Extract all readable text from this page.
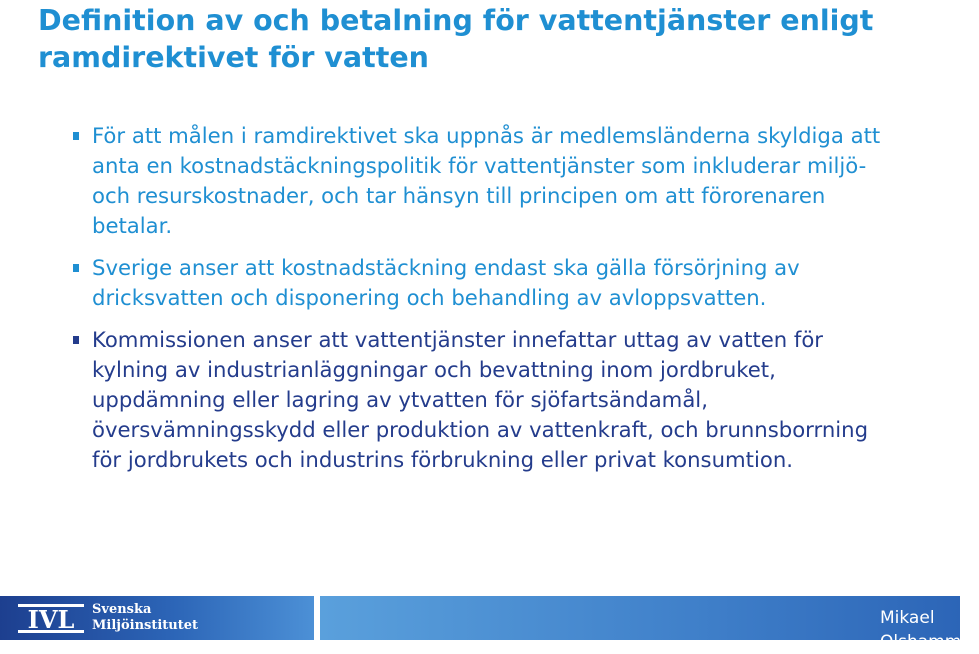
Definition av och betalning för vattentjänster enligt ramdirektivet för vatten
För att målen i ramdirektivet ska uppnås är medlemsländerna skyldiga att anta en kostnadstäckningspolitik för vattentjänster som inkluderar miljö- och resurskostnader, och tar hänsyn till principen om att förorenaren betalar.
Sverige anser att kostnadstäckning endast ska gälla försörjning av dricksvatten och disponering och behandling av avloppsvatten.
Kommissionen anser att vattentjänster innefattar uttag av vatten för kylning av industrianläggningar och bevattning inom jordbruket, uppdämning eller lagring av ytvatten för sjöfartsändamål, översvämningsskydd eller produktion av vattenkraft, och brunnsborrning för jordbrukets och industrins förbrukning eller privat konsumtion.
IVL Svenska
Miljöinstitutet	Mikael Olshammar
